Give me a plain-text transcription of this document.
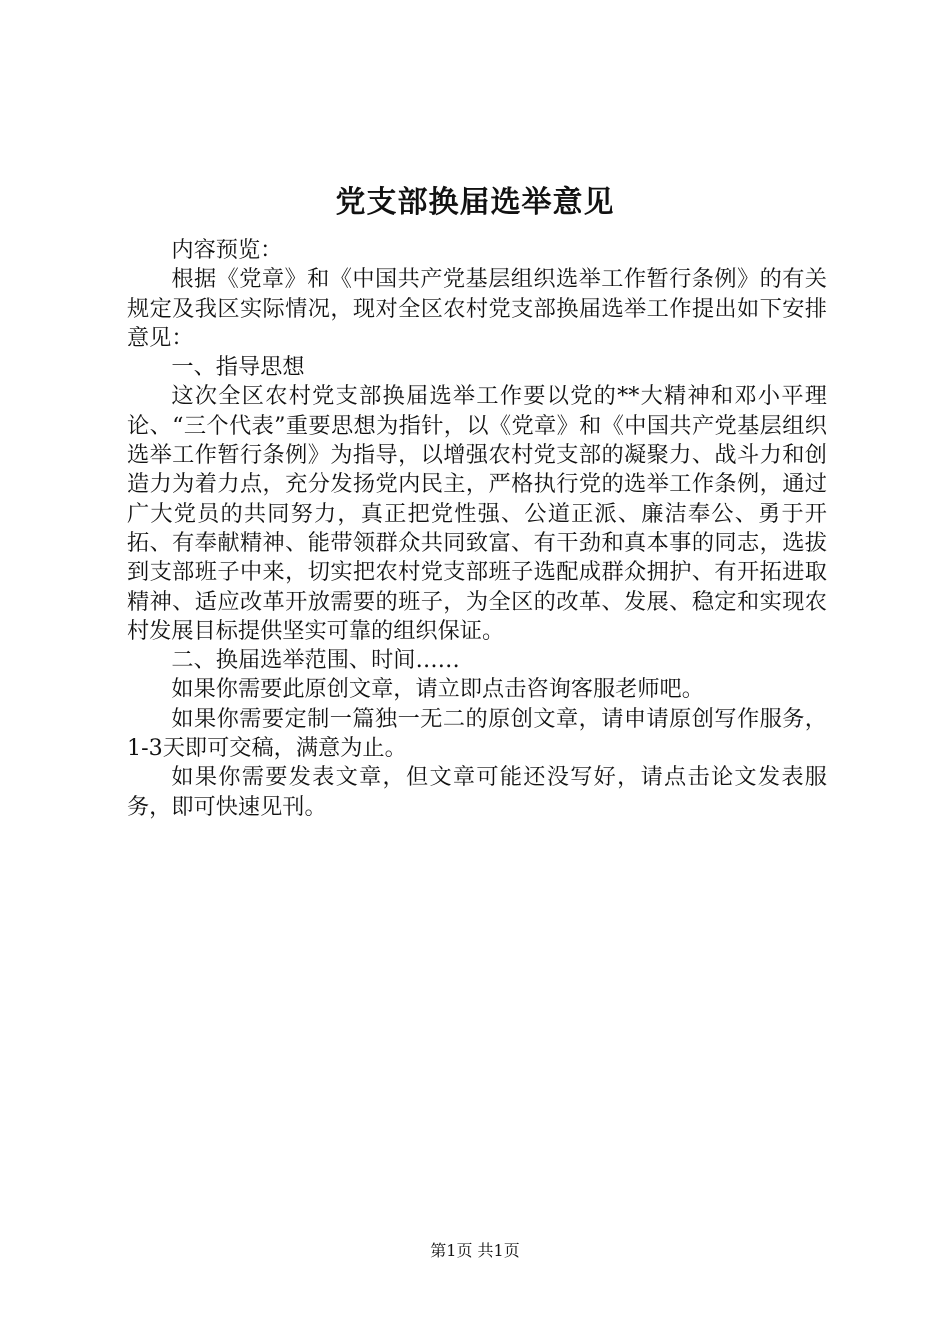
党支部换届选举意见

内容预览：

根据《党章》和《中国共产党基层组织选举工作暂行条例》的有关规定及我区实际情况，现对全区农村党支部换届选举工作提出如下安排意见：

一、指导思想

这次全区农村党支部换届选举工作要以党的**大精神和邓小平理论、“三个代表”重要思想为指针，以《党章》和《中国共产党基层组织选举工作暂行条例》为指导，以增强农村党支部的凝聚力、战斗力和创造力为着力点，充分发扬党内民主，严格执行党的选举工作条例，通过广大党员的共同努力，真正把党性强、公道正派、廉洁奉公、勇于开拓、有奉献精神、能带领群众共同致富、有干劲和真本事的同志，选拔到支部班子中来，切实把农村党支部班子选配成群众拥护、有开拓进取精神、适应改革开放需要的班子，为全区的改革、发展、稳定和实现农村发展目标提供坚实可靠的组织保证。

二、换届选举范围、时间……

如果你需要此原创文章，请立即点击咨询客服老师吧。

如果你需要定制一篇独一无二的原创文章，请申请原创写作服务，1-3天即可交稿，满意为止。

如果你需要发表文章，但文章可能还没写好，请点击论文发表服务，即可快速见刊。

第1页 共1页
